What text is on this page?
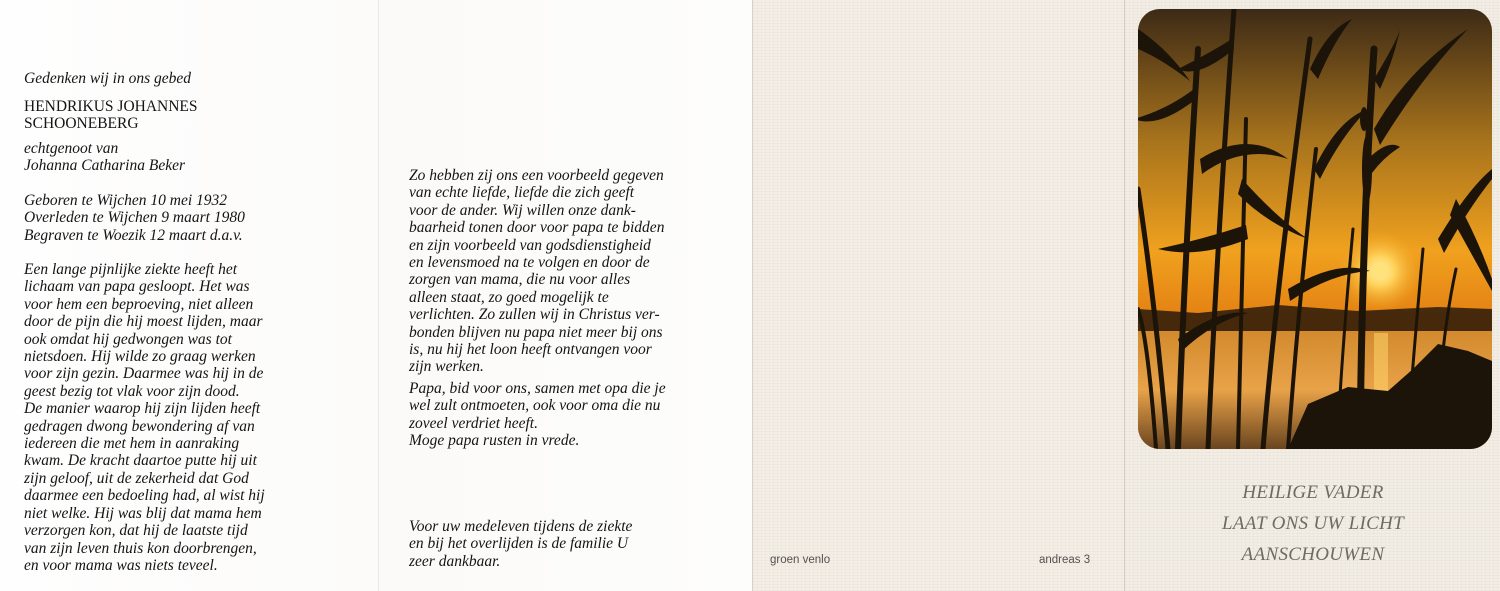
Gedenken wij in ons gebed

HENDRIKUS JOHANNES
SCHOONEBERG

echtgenoot van
Johanna Catharina Beker

Geboren te Wijchen 10 mei 1932
Overleden te Wijchen 9 maart 1980
Begraven te Woezik 12 maart d.a.v.

Een lange pijnlijke ziekte heeft het
lichaam van papa gesloopt. Het was
voor hem een beproeving, niet alleen
door de pijn die hij moest lijden, maar
ook omdat hij gedwongen was tot
nietsdoen. Hij wilde zo graag werken
voor zijn gezin. Daarmee was hij in de
geest bezig tot vlak voor zijn dood.
De manier waarop hij zijn lijden heeft
gedragen dwong bewondering af van
iedereen die met hem in aanraking
kwam. De kracht daartoe putte hij uit
zijn geloof, uit de zekerheid dat God
daarmee een bedoeling had, al wist hij
niet welke. Hij was blij dat mama hem
verzorgen kon, dat hij de laatste tijd
van zijn leven thuis kon doorbrengen,
en voor mama was niets teveel.

Zo hebben zij ons een voorbeeld gegeven
van echte liefde, liefde die zich geeft
voor de ander. Wij willen onze dank-
baarheid tonen door voor papa te bidden
en zijn voorbeeld van godsdienstigheid
en levensmoed na te volgen en door de
zorgen van mama, die nu voor alles
alleen staat, zo goed mogelijk te
verlichten. Zo zullen wij in Christus ver-
bonden blijven nu papa niet meer bij ons
is, nu hij het loon heeft ontvangen voor
zijn werken.

Papa, bid voor ons, samen met opa die je
wel zult ontmoeten, ook voor oma die nu
zoveel verdriet heeft.
Moge papa rusten in vrede.

Voor uw medeleven tijdens de ziekte
en bij het overlijden is de familie U
zeer dankbaar.	groen venlo	andreas 3

HEILIGE VADER
LAAT ONS UW LICHT
AANSCHOUWEN
